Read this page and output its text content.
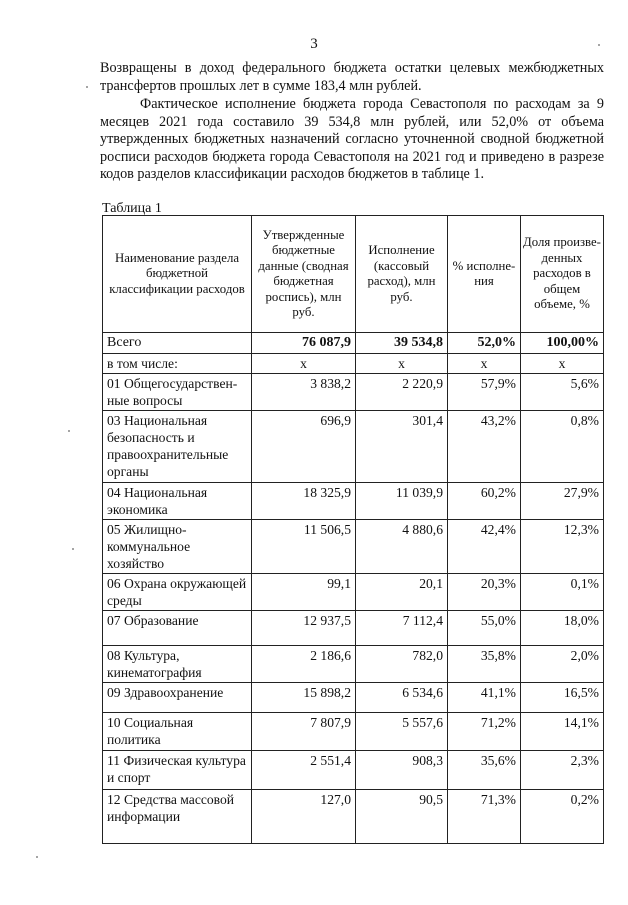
3
Возвращены в доход федерального бюджета остатки целевых межбюджетных трансфертов прошлых лет в сумме 183,4 млн рублей.
Фактическое исполнение бюджета города Севастополя по расходам за 9 месяцев 2021 года составило 39 534,8 млн рублей, или 52,0% от объема утвержденных бюджетных назначений согласно уточненной сводной бюджетной росписи расходов бюджета города Севастополя на 2021 год и приведено в разрезе кодов разделов классификации расходов бюджетов в таблице 1.
Таблица 1
Наименование раздела бюджетной классификации расходов	Утвержденные бюджетные данные (сводная бюджетная роспись), млн руб.	Исполнение (кассовый расход), млн руб.	% исполне-ния	Доля произве-денных расходов в общем объеме, %
Всего	76 087,9	39 534,8	52,0%	100,00%
в том числе:	х	х	х	х
01 Общегосударствен-ные вопросы	3 838,2	2 220,9	57,9%	5,6%
03 Национальная безопасность и правоохранительные органы	696,9	301,4	43,2%	0,8%
04 Национальная экономика	18 325,9	11 039,9	60,2%	27,9%
05 Жилищно-коммунальное хозяйство	11 506,5	4 880,6	42,4%	12,3%
06 Охрана окружающей среды	99,1	20,1	20,3%	0,1%
07 Образование	12 937,5	7 112,4	55,0%	18,0%
08 Культура, кинематография	2 186,6	782,0	35,8%	2,0%
09 Здравоохранение	15 898,2	6 534,6	41,1%	16,5%
10 Социальная политика	7 807,9	5 557,6	71,2%	14,1%
11 Физическая культура и спорт	2 551,4	908,3	35,6%	2,3%
12 Средства массовой информации	127,0	90,5	71,3%	0,2%
